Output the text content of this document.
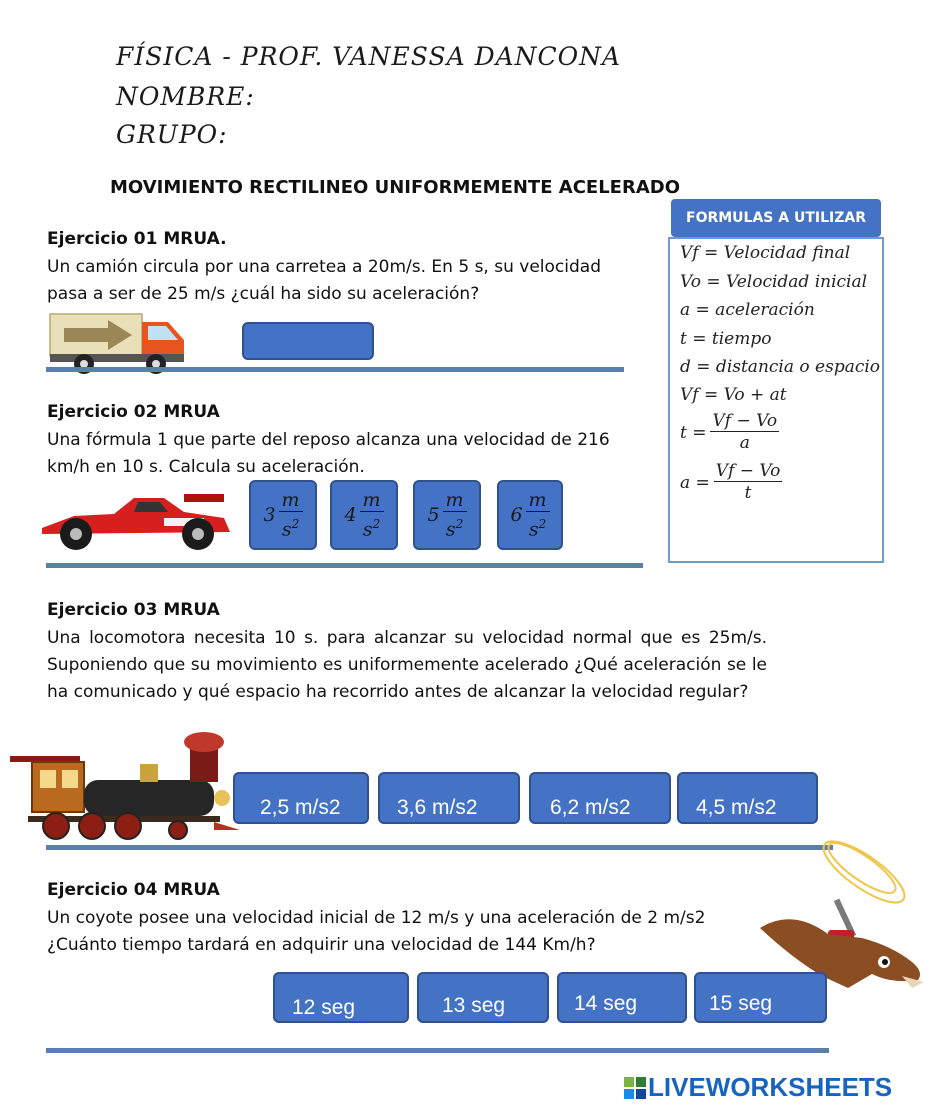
FÍSICA - PROF. VANESSA DANCONA
NOMBRE:
GRUPO:
MOVIMIENTO RECTILINEO UNIFORMEMENTE ACELERADO
FORMULAS A UTILIZAR
Vf = Velocidad final
Vo = Velocidad inicial
a = aceleración
t = tiempo
d = distancia o espacio
Vf = Vo + at
$t = \frac{Vf - Vo}{a}$
$a = \frac{Vf - Vo}{t}$
Ejercicio 01 MRUA.
Un camión circula por una carretea a 20m/s. En 5 s, su velocidad pasa a ser de 25 m/s ¿cuál ha sido su aceleración?
Ejercicio 02 MRUA
Una fórmula 1 que parte del reposo alcanza una velocidad de 216 km/h en 10 s. Calcula su aceleración.
$3 \frac{m}{s^2} 4 \frac{m}{s^2} 5 \frac{m}{s^2} 6 \frac{m}{s^2}$
Ejercicio 03 MRUA
Una locomotora necesita 10 s. para alcanzar su velocidad normal que es 25m/s. Suponiendo que su movimiento es uniformemente acelerado ¿Qué aceleración se le ha comunicado y qué espacio ha recorrido antes de alcanzar la velocidad regular?
2,5 m/s2	3,6 m/s2	6,2 m/s2	4,5 m/s2
Ejercicio 04 MRUA
Un coyote posee una velocidad inicial de 12 m/s y una aceleración de 2 m/s2
¿Cuánto tiempo tardará en adquirir una velocidad de 144 Km/h?
12 seg	13 seg	14 seg	15 seg
LIVEWORKSHEETS
